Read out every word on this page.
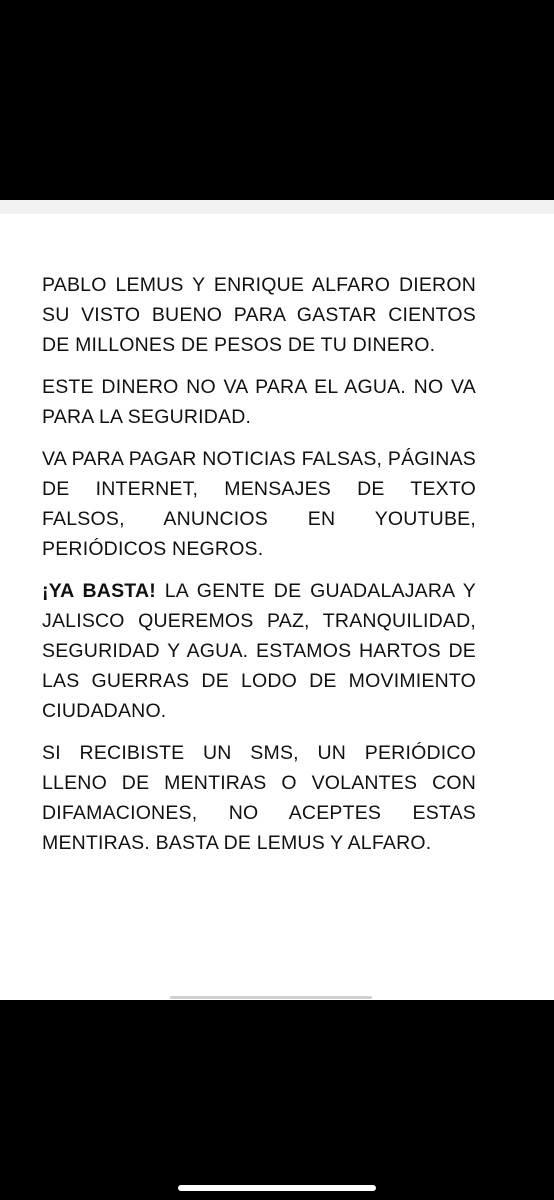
PABLO LEMUS Y ENRIQUE ALFARO DIERON SU VISTO BUENO PARA GASTAR CIENTOS DE MILLONES DE PESOS DE TU DINERO.

ESTE DINERO NO VA PARA EL AGUA. NO VA PARA LA SEGURIDAD.

VA PARA PAGAR NOTICIAS FALSAS, PÁGINAS DE INTERNET, MENSAJES DE TEXTO FALSOS, ANUNCIOS EN YOUTUBE, PERIÓDICOS NEGROS.

¡YA BASTA! LA GENTE DE GUADALAJARA Y JALISCO QUEREMOS PAZ, TRANQUILIDAD, SEGURIDAD Y AGUA. ESTAMOS HARTOS DE LAS GUERRAS DE LODO DE MOVIMIENTO CIUDADANO.

SI RECIBISTE UN SMS, UN PERIÓDICO LLENO DE MENTIRAS O VOLANTES CON DIFAMACIONES, NO ACEPTES ESTAS MENTIRAS. BASTA DE LEMUS Y ALFARO.
